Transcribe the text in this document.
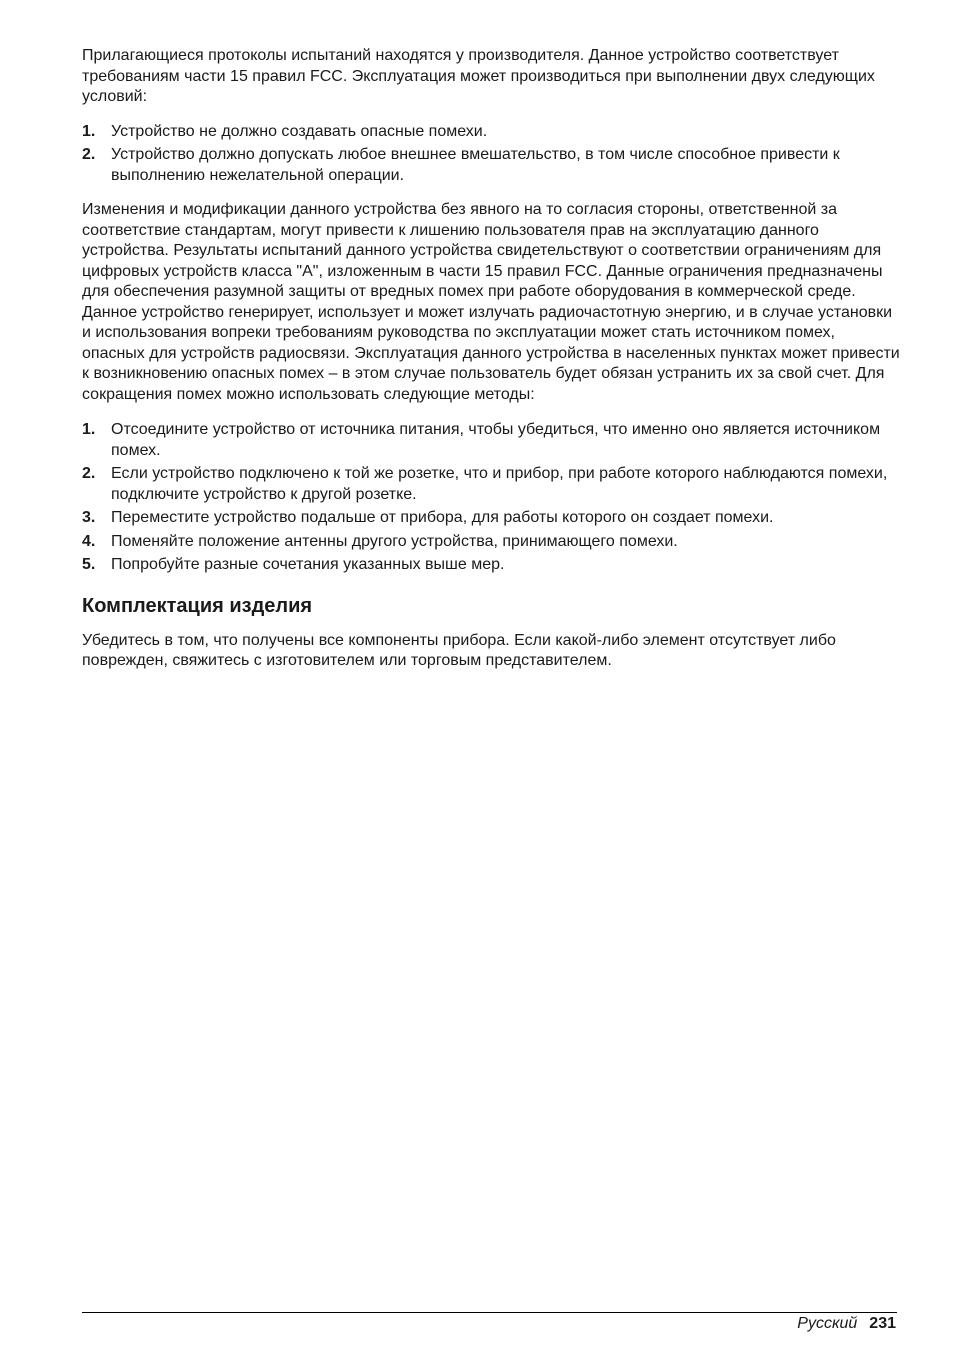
Прилагающиеся протоколы испытаний находятся у производителя. Данное устройство соответствует требованиям части 15 правил FCC. Эксплуатация может производиться при выполнении двух следующих условий:

1. Устройство не должно создавать опасные помехи.
2. Устройство должно допускать любое внешнее вмешательство, в том числе способное привести к выполнению нежелательной операции.

Изменения и модификации данного устройства без явного на то согласия стороны, ответственной за соответствие стандартам, могут привести к лишению пользователя прав на эксплуатацию данного устройства. Результаты испытаний данного устройства свидетельствуют о соответствии ограничениям для цифровых устройств класса "A", изложенным в части 15 правил FCC. Данные ограничения предназначены для обеспечения разумной защиты от вредных помех при работе оборудования в коммерческой среде. Данное устройство генерирует, использует и может излучать радиочастотную энергию, и в случае установки и использования вопреки требованиям руководства по эксплуатации может стать источником помех, опасных для устройств радиосвязи. Эксплуатация данного устройства в населенных пунктах может привести к возникновению опасных помех – в этом случае пользователь будет обязан устранить их за свой счет. Для сокращения помех можно использовать следующие методы:

1. Отсоедините устройство от источника питания, чтобы убедиться, что именно оно является источником помех.
2. Если устройство подключено к той же розетке, что и прибор, при работе которого наблюдаются помехи, подключите устройство к другой розетке.
3. Переместите устройство подальше от прибора, для работы которого он создает помехи.
4. Поменяйте положение антенны другого устройства, принимающего помехи.
5. Попробуйте разные сочетания указанных выше мер.
Комплектация изделия

Убедитесь в том, что получены все компоненты прибора. Если какой-либо элемент отсутствует либо поврежден, свяжитесь с изготовителем или торговым представителем.

Русский 231
